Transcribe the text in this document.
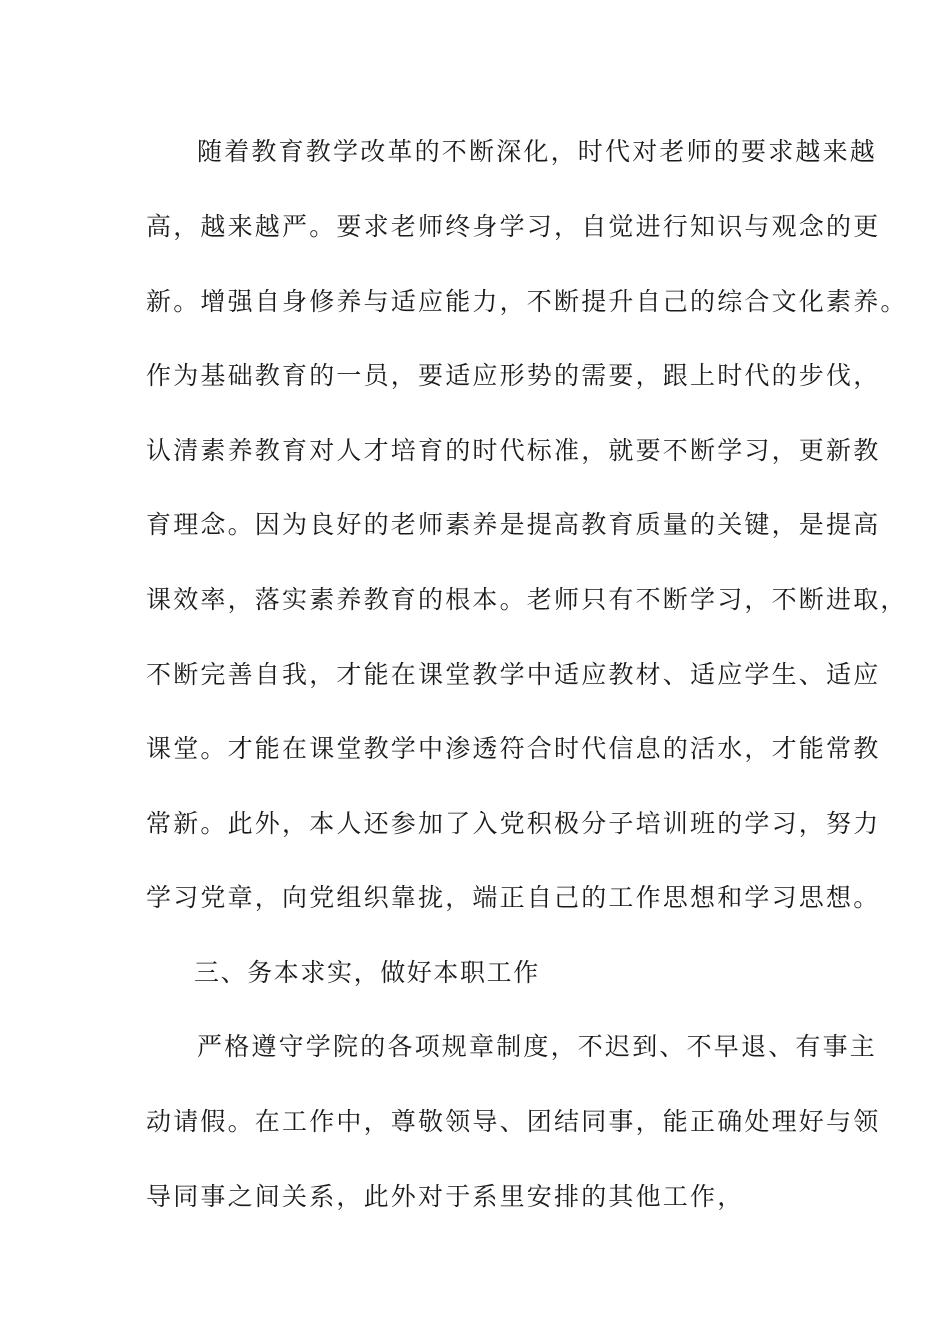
随着教育教学改革的不断深化，时代对老师的要求越来越
高，越来越严。要求老师终身学习，自觉进行知识与观念的更
新。增强自身修养与适应能力，不断提升自己的综合文化素养。
作为基础教育的一员，要适应形势的需要，跟上时代的步伐，
认清素养教育对人才培育的时代标准，就要不断学习，更新教
育理念。因为良好的老师素养是提高教育质量的关键，是提高
课效率，落实素养教育的根本。老师只有不断学习，不断进取，
不断完善自我，才能在课堂教学中适应教材、适应学生、适应
课堂。才能在课堂教学中渗透符合时代信息的活水，才能常教
常新。此外，本人还参加了入党积极分子培训班的学习，努力
学习党章，向党组织靠拢，端正自己的工作思想和学习思想。
三、务本求实，做好本职工作
严格遵守学院的各项规章制度，不迟到、不早退、有事主
动请假。在工作中，尊敬领导、团结同事，能正确处理好与领
导同事之间关系，此外对于系里安排的其他工作，
